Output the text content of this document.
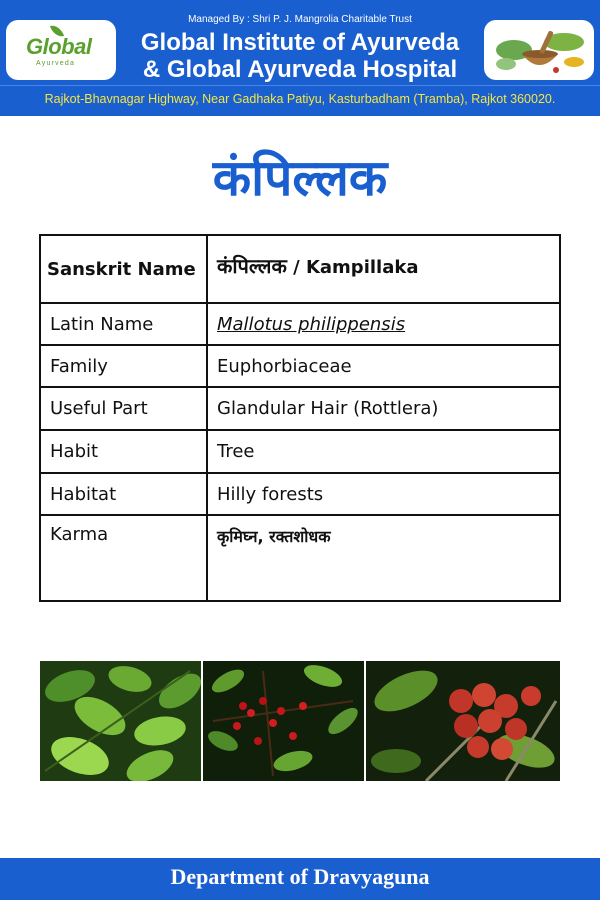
Global
Ayurveda
Managed By : Shri P. J. Mangrolia Charitable Trust
Global Institute of Ayurveda
& Global Ayurveda Hospital
Rajkot-Bhavnagar Highway, Near Gadhaka Patiyu, Kasturbadham (Tramba), Rajkot 360020.
कंपिल्लक
Sanskrit Name	कंपिल्लक / Kampillaka
Latin Name	Mallotus philippensis
Family	Euphorbiaceae
Useful Part	Glandular Hair (Rottlera)
Habit	Tree
Habitat	Hilly forests
Karma	कृमिघ्न, रक्तशोधक
Department of Dravyaguna
